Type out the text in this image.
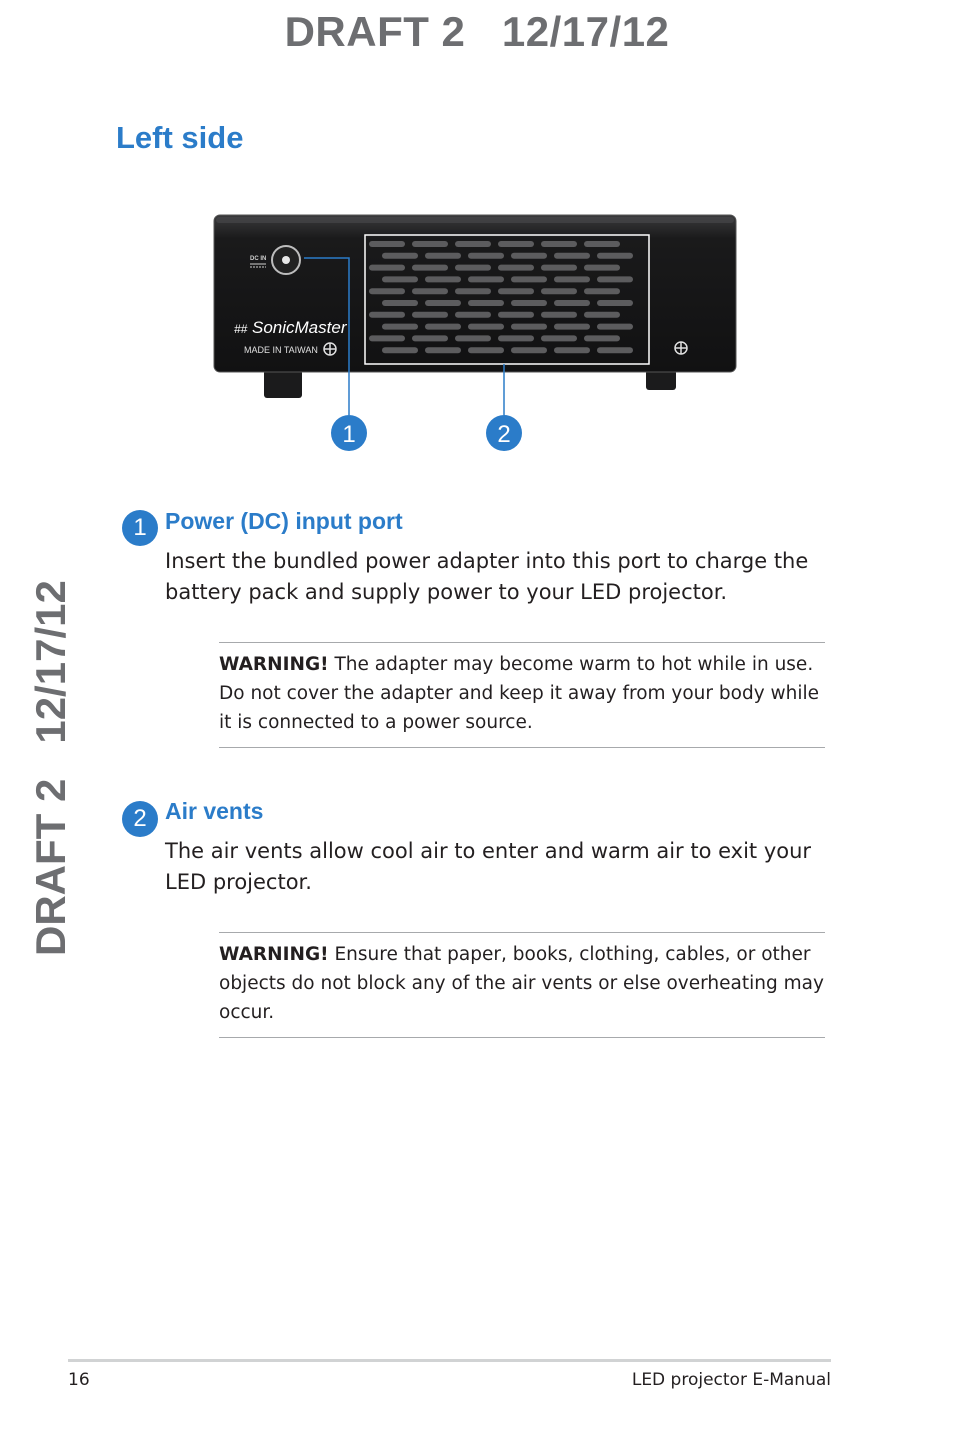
DRAFT 2   12/17/12
DRAFT 2   12/17/12
Left side
DC IN
## SonicMaster
MADE IN TAIWAN
1	2
1 Power (DC) input port
Insert the bundled power adapter into this port to charge the battery pack and supply power to your LED projector.
WARNING! The adapter may become warm to hot while in use. Do not cover the adapter and keep it away from your body while it is connected to a power source.
2 Air vents
The air vents allow cool air to enter and warm air to exit your LED projector.
WARNING! Ensure that paper, books, clothing, cables, or other objects do not block any of the air vents or else overheating may occur.
16	LED projector E-Manual
